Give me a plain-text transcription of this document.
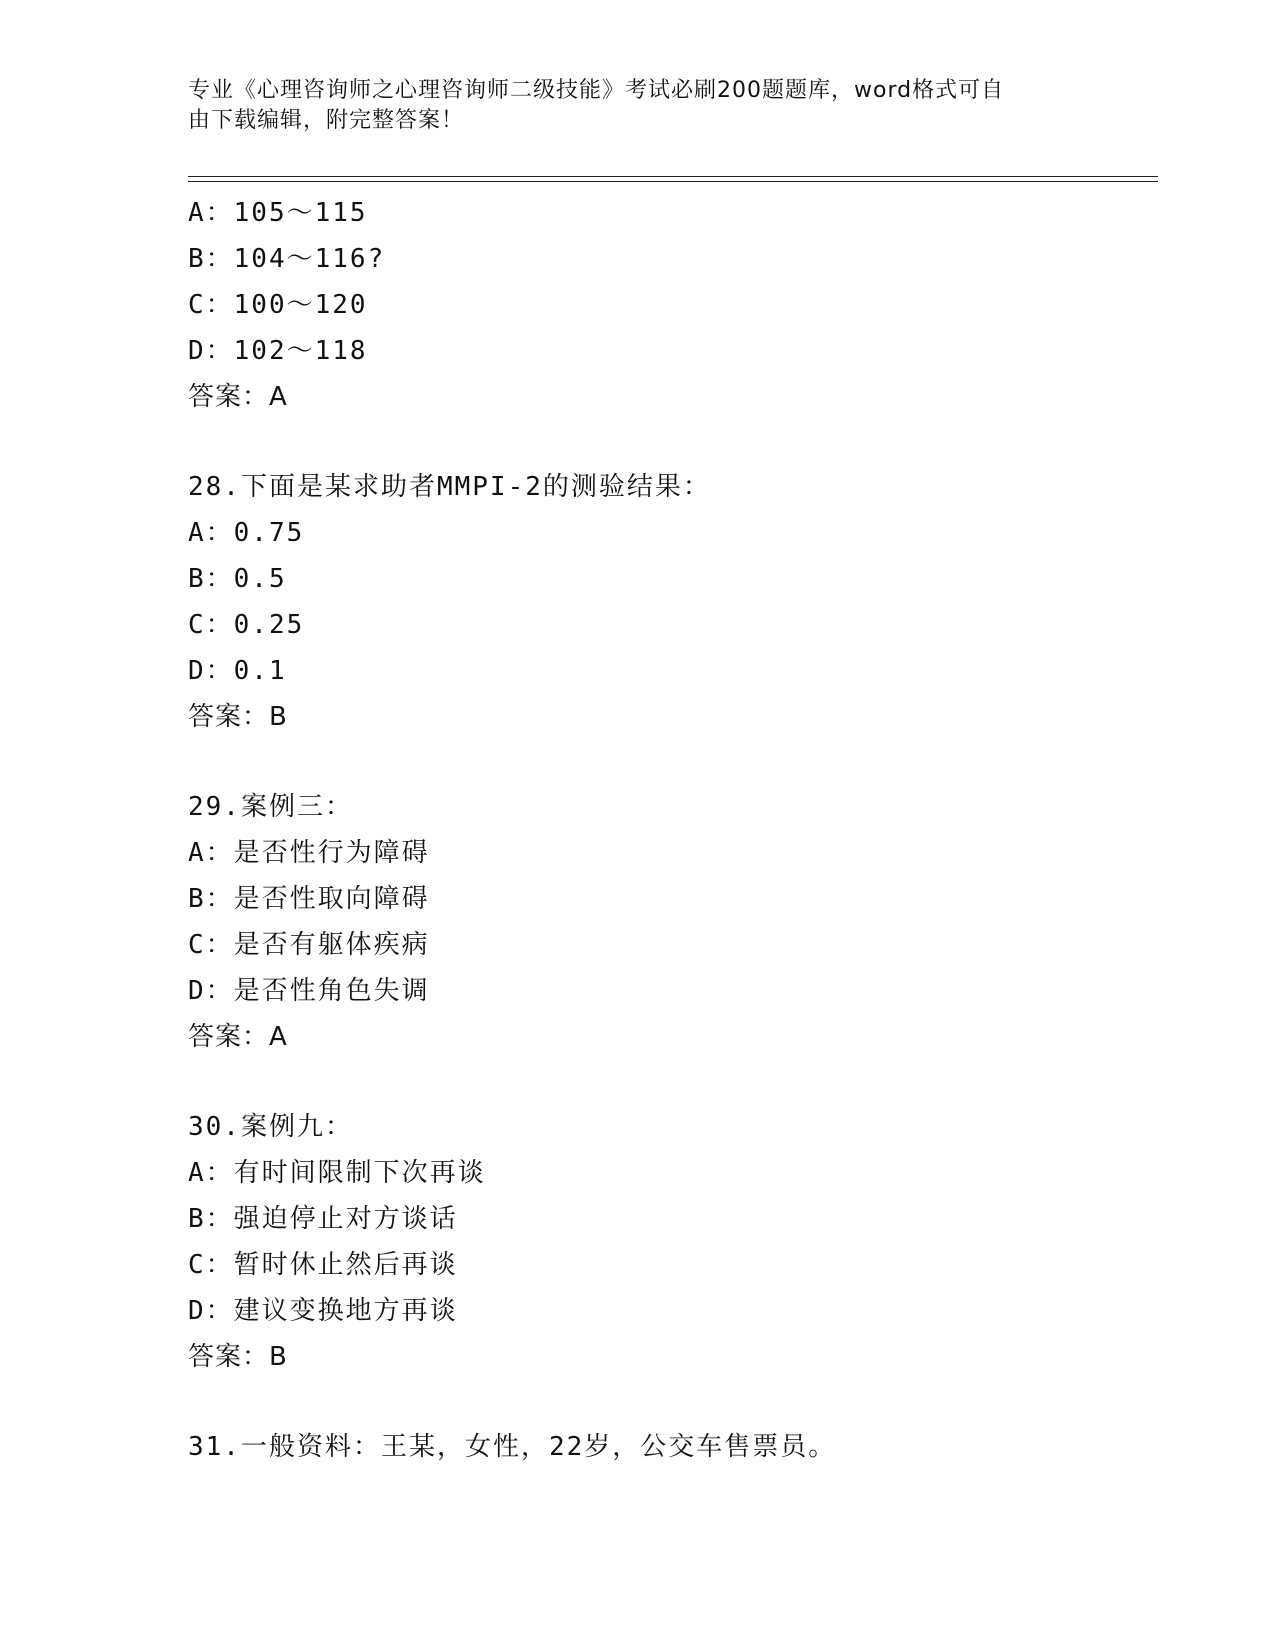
专业《心理咨询师之心理咨询师二级技能》考试必刷200题题库，word格式可自
由下载编辑，附完整答案！
A：105～115
B：104～116?
C：100～120
D：102～118
答案：A
28.下面是某求助者MMPI-2的测验结果：
A：0.75
B：0.5
C：0.25
D：0.1
答案：B
29.案例三：
A：是否性行为障碍
B：是否性取向障碍
C：是否有躯体疾病
D：是否性角色失调
答案：A
30.案例九：
A：有时间限制下次再谈
B：强迫停止对方谈话
C：暂时休止然后再谈
D：建议变换地方再谈
答案：B
31.一般资料：王某，女性，22岁，公交车售票员。
